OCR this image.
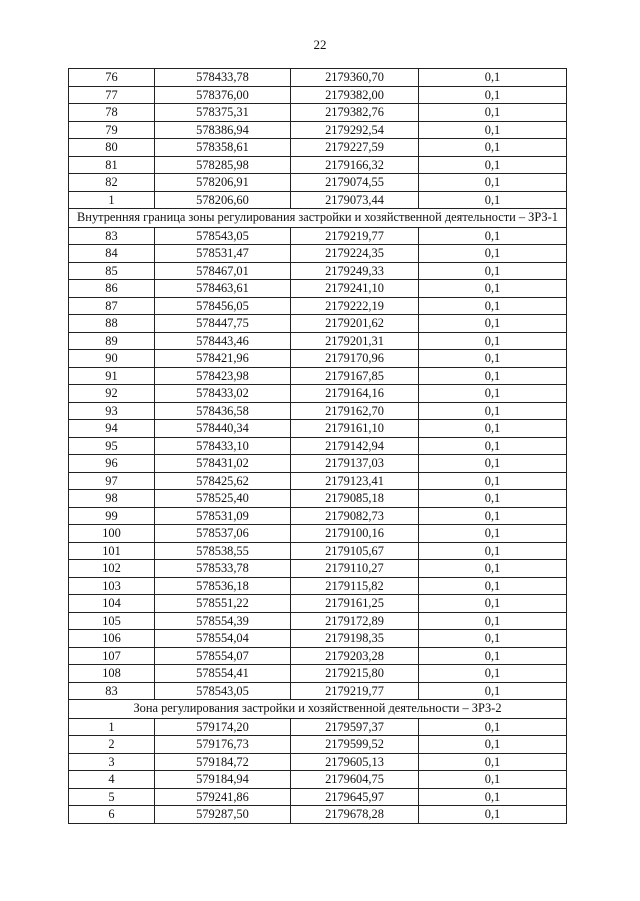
22
76	578433,78	2179360,70	0,1
77	578376,00	2179382,00	0,1
78	578375,31	2179382,76	0,1
79	578386,94	2179292,54	0,1
80	578358,61	2179227,59	0,1
81	578285,98	2179166,32	0,1
82	578206,91	2179074,55	0,1
1	578206,60	2179073,44	0,1
Внутренняя граница зоны регулирования застройки и хозяйственной деятельности – ЗРЗ-1			
83	578543,05	2179219,77	0,1
84	578531,47	2179224,35	0,1
85	578467,01	2179249,33	0,1
86	578463,61	2179241,10	0,1
87	578456,05	2179222,19	0,1
88	578447,75	2179201,62	0,1
89	578443,46	2179201,31	0,1
90	578421,96	2179170,96	0,1
91	578423,98	2179167,85	0,1
92	578433,02	2179164,16	0,1
93	578436,58	2179162,70	0,1
94	578440,34	2179161,10	0,1
95	578433,10	2179142,94	0,1
96	578431,02	2179137,03	0,1
97	578425,62	2179123,41	0,1
98	578525,40	2179085,18	0,1
99	578531,09	2179082,73	0,1
100	578537,06	2179100,16	0,1
101	578538,55	2179105,67	0,1
102	578533,78	2179110,27	0,1
103	578536,18	2179115,82	0,1
104	578551,22	2179161,25	0,1
105	578554,39	2179172,89	0,1
106	578554,04	2179198,35	0,1
107	578554,07	2179203,28	0,1
108	578554,41	2179215,80	0,1
83	578543,05	2179219,77	0,1
Зона регулирования застройки и хозяйственной деятельности – ЗРЗ-2			
1	579174,20	2179597,37	0,1
2	579176,73	2179599,52	0,1
3	579184,72	2179605,13	0,1
4	579184,94	2179604,75	0,1
5	579241,86	2179645,97	0,1
6	579287,50	2179678,28	0,1
